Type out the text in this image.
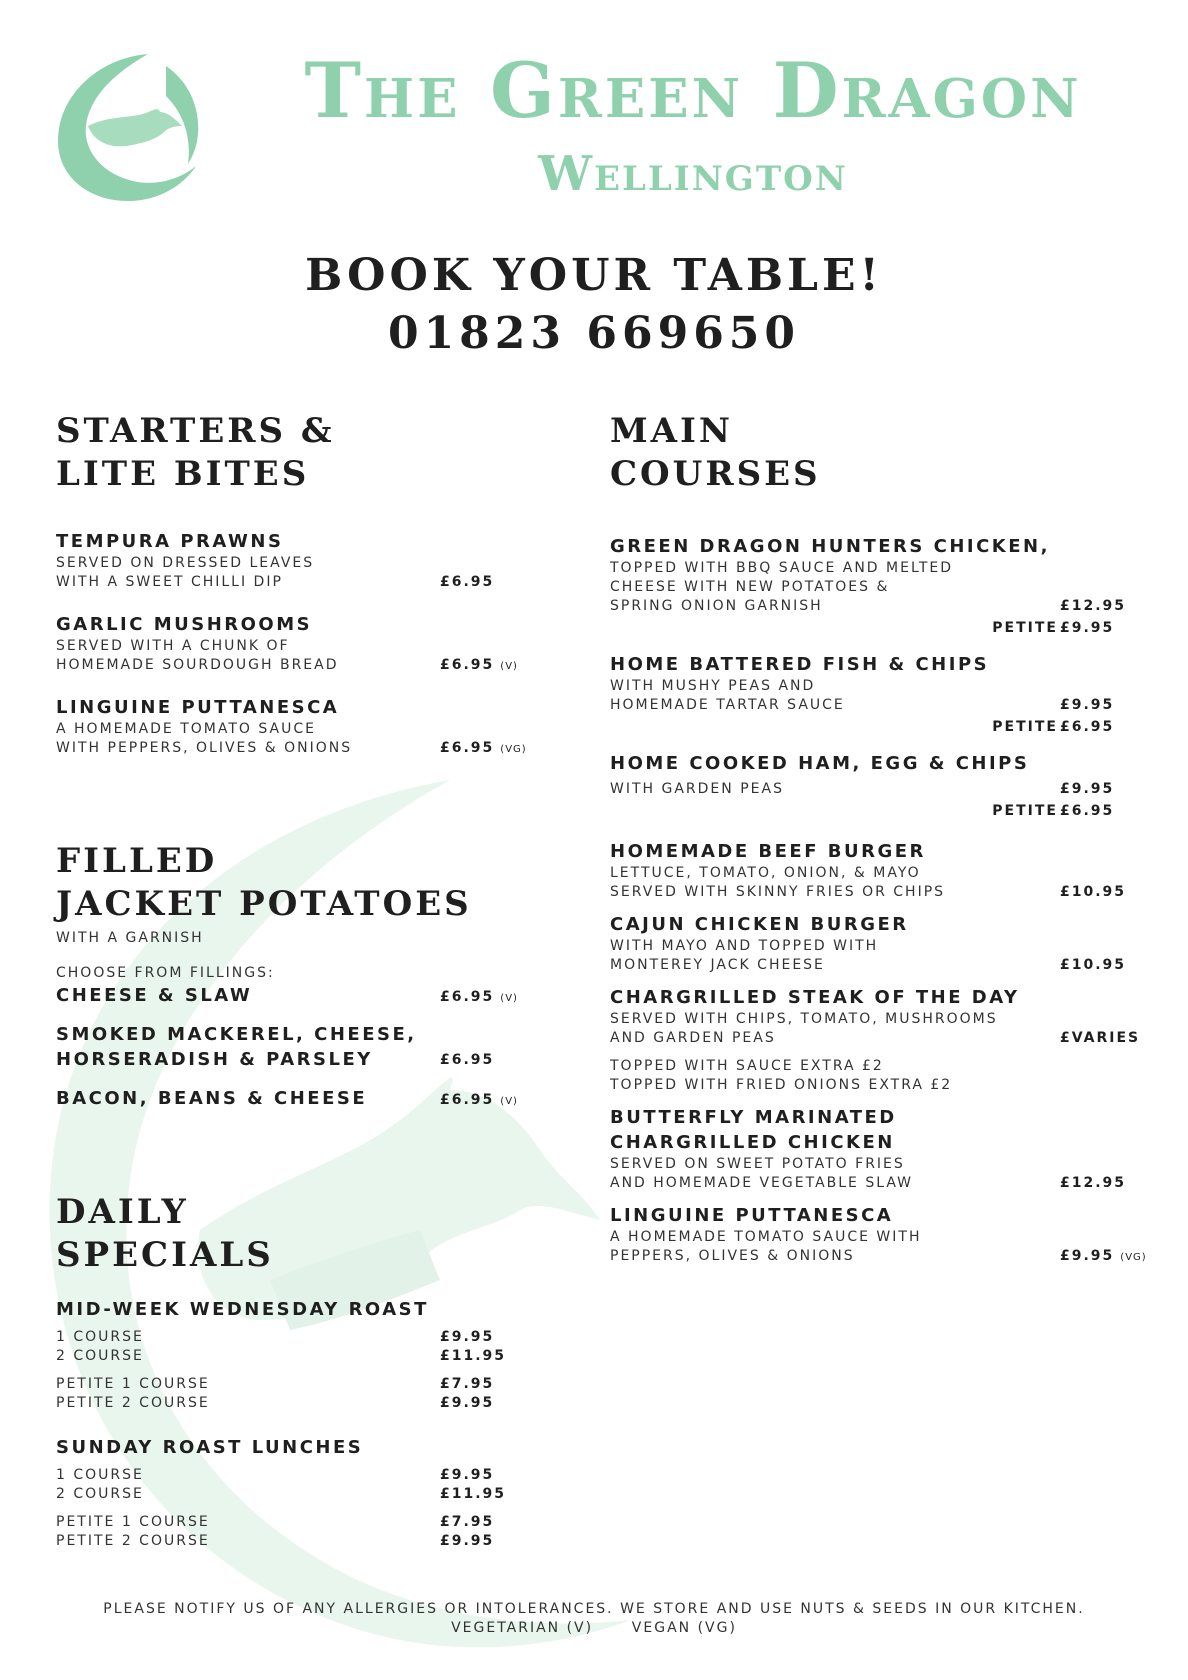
The Green Dragon
Wellington
BOOK YOUR TABLE!
01823 669650
STARTERS &
LITE BITES
TEMPURA PRAWNS
SERVED ON DRESSED LEAVES
WITH A SWEET CHILLI DIP	£6.95
GARLIC MUSHROOMS
SERVED WITH A CHUNK OF
HOMEMADE SOURDOUGH BREAD	£6.95 (V)
LINGUINE PUTTANESCA
A HOMEMADE TOMATO SAUCE
WITH PEPPERS, OLIVES & ONIONS	£6.95 (VG)
FILLED
JACKET POTATOES
WITH A GARNISH
CHOOSE FROM FILLINGS:
CHEESE & SLAW	£6.95 (V)
SMOKED MACKEREL, CHEESE,
HORSERADISH & PARSLEY	£6.95
BACON, BEANS & CHEESE	£6.95 (V)
DAILY
SPECIALS
MID-WEEK WEDNESDAY ROAST
1 COURSE	£9.95
2 COURSE	£11.95
PETITE 1 COURSE	£7.95
PETITE 2 COURSE	£9.95
SUNDAY ROAST LUNCHES
1 COURSE	£9.95
2 COURSE	£11.95
PETITE 1 COURSE	£7.95
PETITE 2 COURSE	£9.95
MAIN
COURSES
GREEN DRAGON HUNTERS CHICKEN,
TOPPED WITH BBQ SAUCE AND MELTED
CHEESE WITH NEW POTATOES &
SPRING ONION GARNISH	£12.95
PETITE £9.95
HOME BATTERED FISH & CHIPS
WITH MUSHY PEAS AND
HOMEMADE TARTAR SAUCE	£9.95
PETITE £6.95
HOME COOKED HAM, EGG & CHIPS
WITH GARDEN PEAS	£9.95
PETITE £6.95
HOMEMADE BEEF BURGER
LETTUCE, TOMATO, ONION, & MAYO
SERVED WITH SKINNY FRIES OR CHIPS	£10.95
CAJUN CHICKEN BURGER
WITH MAYO AND TOPPED WITH
MONTEREY JACK CHEESE	£10.95
CHARGRILLED STEAK OF THE DAY
SERVED WITH CHIPS, TOMATO, MUSHROOMS
AND GARDEN PEAS	£VARIES
TOPPED WITH SAUCE EXTRA £2
TOPPED WITH FRIED ONIONS EXTRA £2
BUTTERFLY MARINATED
CHARGRILLED CHICKEN
SERVED ON SWEET POTATO FRIES
AND HOMEMADE VEGETABLE SLAW	£12.95
LINGUINE PUTTANESCA
A HOMEMADE TOMATO SAUCE WITH
PEPPERS, OLIVES & ONIONS	£9.95 (VG)
PLEASE NOTIFY US OF ANY ALLERGIES OR INTOLERANCES. WE STORE AND USE NUTS & SEEDS IN OUR KITCHEN.
VEGETARIAN (V)      VEGAN (VG)
